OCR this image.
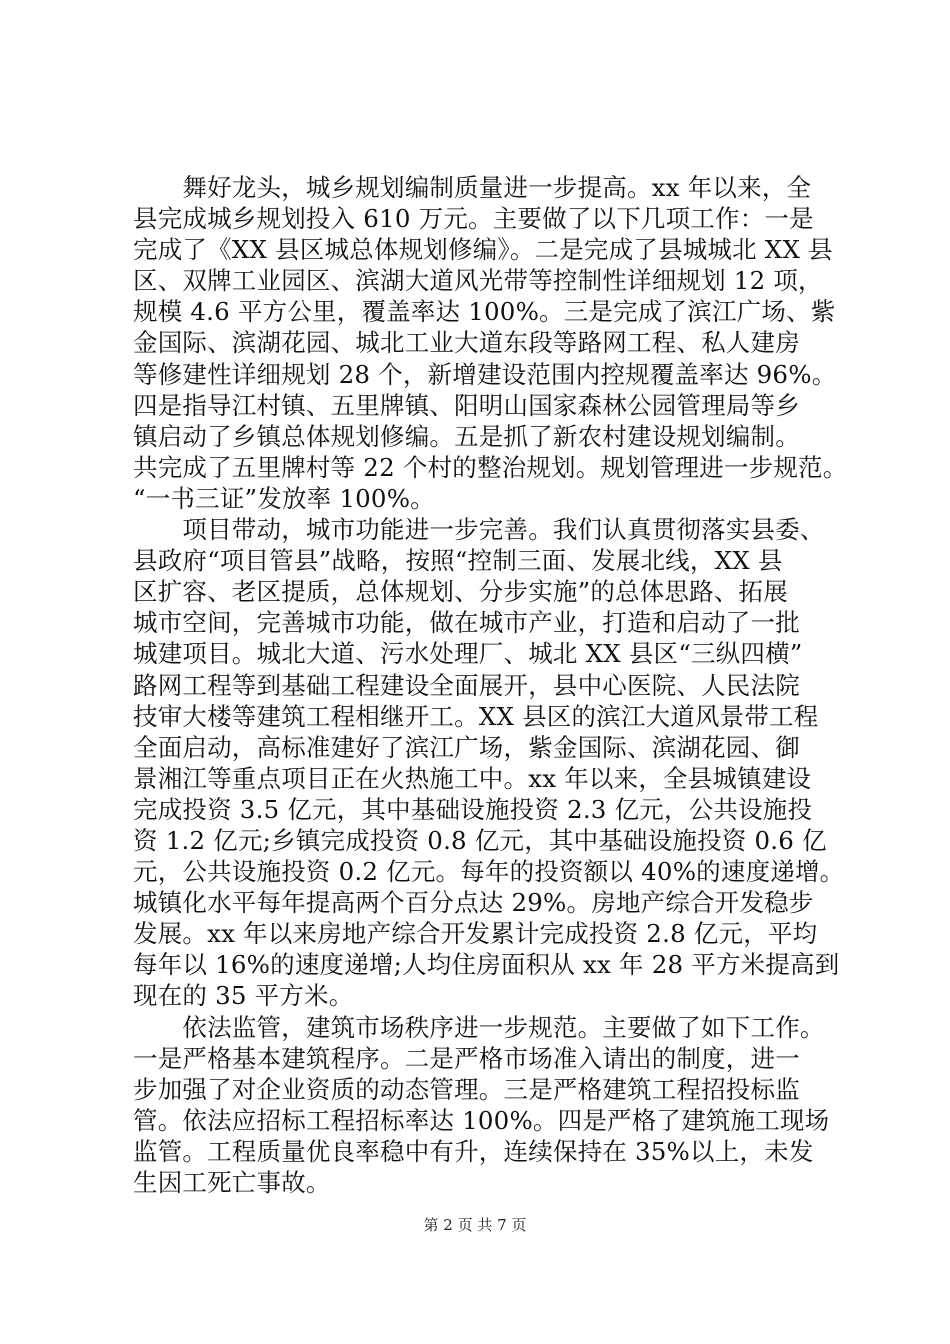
　　舞好龙头，城乡规划编制质量进一步提高。xx 年以来，全

县完成城乡规划投入 610 万元。主要做了以下几项工作：一是

完成了《XX 县区城总体规划修编》。二是完成了县城城北 XX 县

区、双牌工业园区、滨湖大道风光带等控制性详细规划 12 项，

规模 4.6 平方公里，覆盖率达 100%。三是完成了滨江广场、紫

金国际、滨湖花园、城北工业大道东段等路网工程、私人建房

等修建性详细规划 28 个，新增建设范围内控规覆盖率达 96%。

四是指导江村镇、五里牌镇、阳明山国家森林公园管理局等乡

镇启动了乡镇总体规划修编。五是抓了新农村建设规划编制。

共完成了五里牌村等 22 个村的整治规划。规划管理进一步规范。

“一书三证”发放率 100%。

　　项目带动，城市功能进一步完善。我们认真贯彻落实县委、

县政府“项目管县”战略，按照“控制三面、发展北线，XX 县

区扩容、老区提质，总体规划、分步实施”的总体思路、拓展

城市空间，完善城市功能，做在城市产业，打造和启动了一批

城建项目。城北大道、污水处理厂、城北 XX 县区“三纵四横”

路网工程等到基础工程建设全面展开，县中心医院、人民法院

技审大楼等建筑工程相继开工。XX 县区的滨江大道风景带工程

全面启动，高标准建好了滨江广场，紫金国际、滨湖花园、御

景湘江等重点项目正在火热施工中。xx 年以来，全县城镇建设

完成投资 3.5 亿元，其中基础设施投资 2.3 亿元，公共设施投

资 1.2 亿元;乡镇完成投资 0.8 亿元，其中基础设施投资 0.6 亿

元，公共设施投资 0.2 亿元。每年的投资额以 40%的速度递增。

城镇化水平每年提高两个百分点达 29%。房地产综合开发稳步

发展。xx 年以来房地产综合开发累计完成投资 2.8 亿元，平均

每年以 16%的速度递增;人均住房面积从 xx 年 28 平方米提高到

现在的 35 平方米。

　　依法监管，建筑市场秩序进一步规范。主要做了如下工作。

一是严格基本建筑程序。二是严格市场准入请出的制度，进一

步加强了对企业资质的动态管理。三是严格建筑工程招投标监

管。依法应招标工程招标率达 100%。四是严格了建筑施工现场

监管。工程质量优良率稳中有升，连续保持在 35%以上，未发

生因工死亡事故。

第 2 页 共 7 页
